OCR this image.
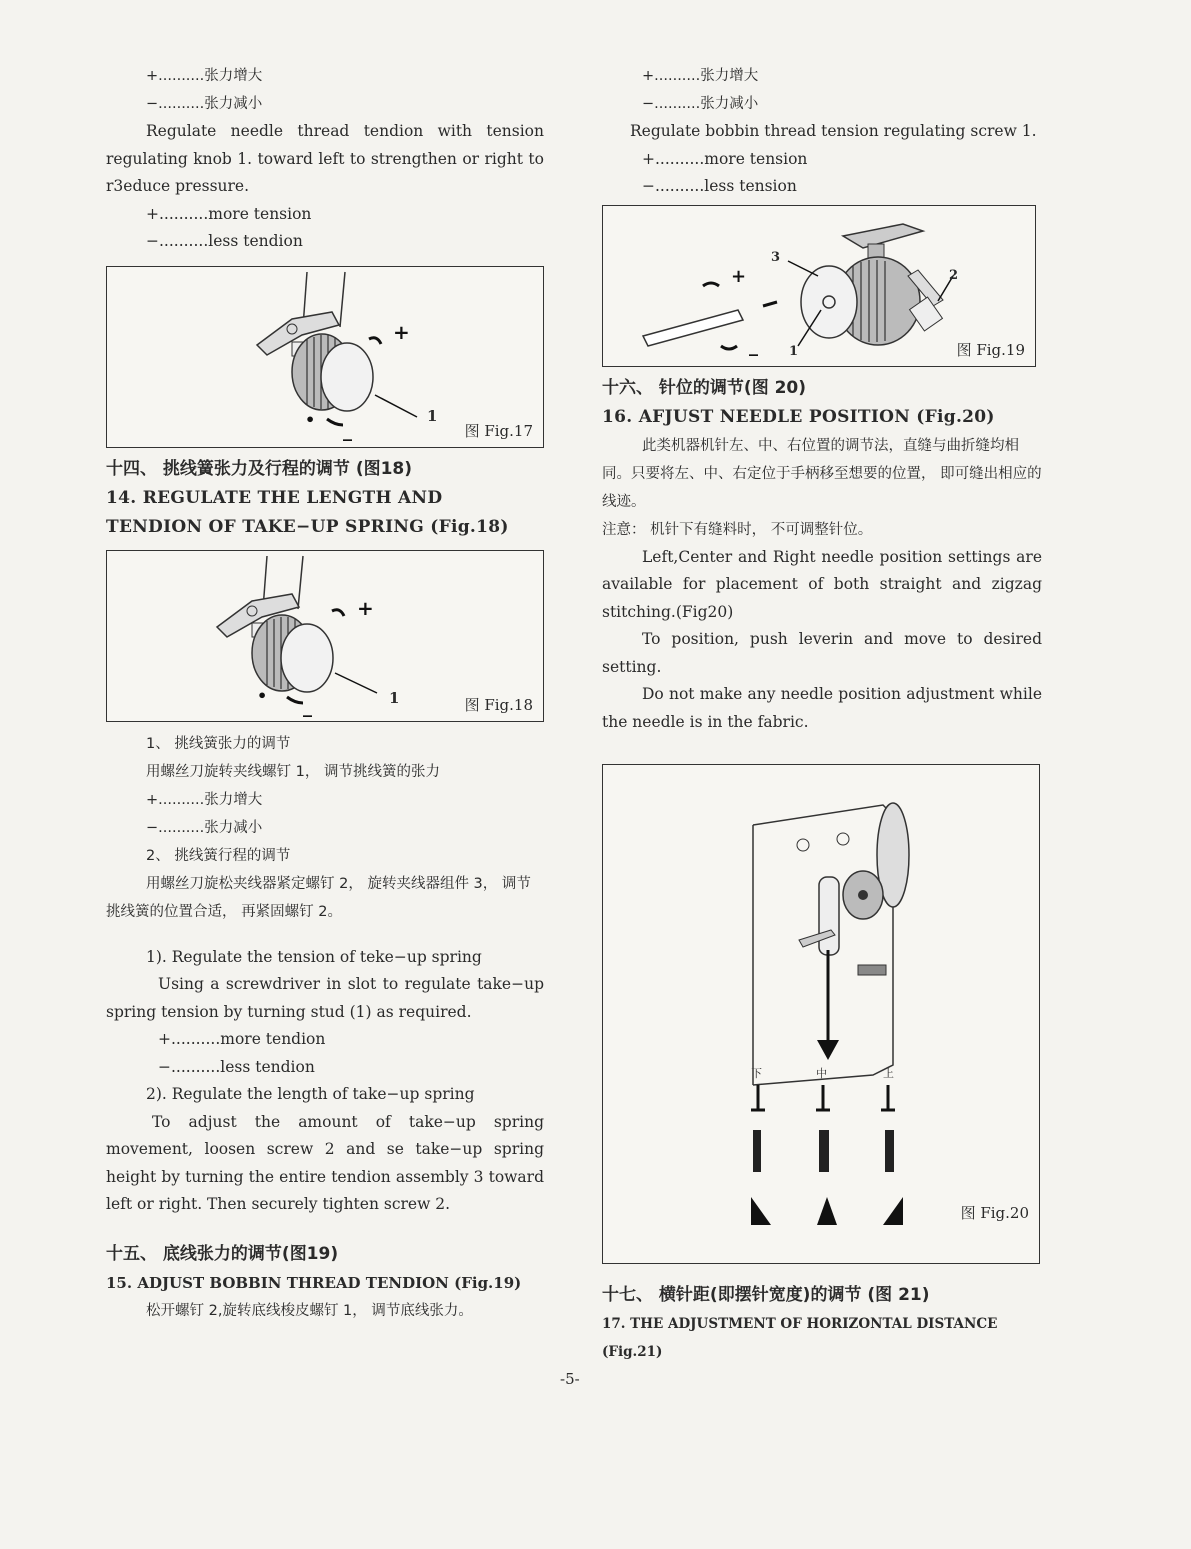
+..........张力增大
−..........张力减小
Regulate needle thread tendion with tension regulating knob 1. toward left to strengthen or right to r3educe pressure.
+..........more tension
−..........less tendion
+
•
_
1
图 Fig.17
十四、 挑线簧张力及行程的调节 (图18)
14. REGULATE THE LENGTH AND TENDION OF TAKE−UP SPRING (Fig.18)
+
•
_	1	图 Fig.18
1、 挑线簧张力的调节
用螺丝刀旋转夹线螺钉 1， 调节挑线簧的张力
+..........张力增大
−..........张力减小
2、 挑线簧行程的调节
用螺丝刀旋松夹线器紧定螺钉 2， 旋转夹线器组件 3， 调节挑线簧的位置合适， 再紧固螺钉 2。
1). Regulate the tension of teke−up spring
Using a screwdriver in slot to regulate take−up spring tension by turning stud (1) as required.
+..........more tendion
−..........less tendion
2). Regulate the length of take−up spring
To adjust the amount of take−up spring movement, loosen screw 2 and se take−up spring height by turning the entire tendion assembly 3 toward left or right. Then securely tighten screw 2.
十五、 底线张力的调节(图19)
15. ADJUST BOBBIN THREAD TENDION (Fig.19)
松开螺钉 2,旋转底线梭皮螺钉 1， 调节底线张力。
+..........张力增大
−..........张力减小
Regulate bobbin thread tension regulating screw 1.
+..........more tension
−..........less tension
+
_
3
2
1	图 Fig.19
十六、 针位的调节(图 20)
16. AFJUST NEEDLE POSITION (Fig.20)
此类机器机针左、中、右位置的调节法，直缝与曲折缝均相同。只要将左、中、右定位于手柄移至想要的位置， 即可缝出相应的线迹。
注意： 机针下有缝料时， 不可调整针位。
Left,Center and Right needle position settings are available for placement of both straight and zigzag stitching.(Fig20)
To position, push leverin and move to desired setting.
Do not make any needle position adjustment while the needle is in the fabric.
下	中	上
图 Fig.20
十七、 横针距(即摆针宽度)的调节 (图 21)
17. THE ADJUSTMENT OF HORIZONTAL DISTANCE (Fig.21)
-5-
